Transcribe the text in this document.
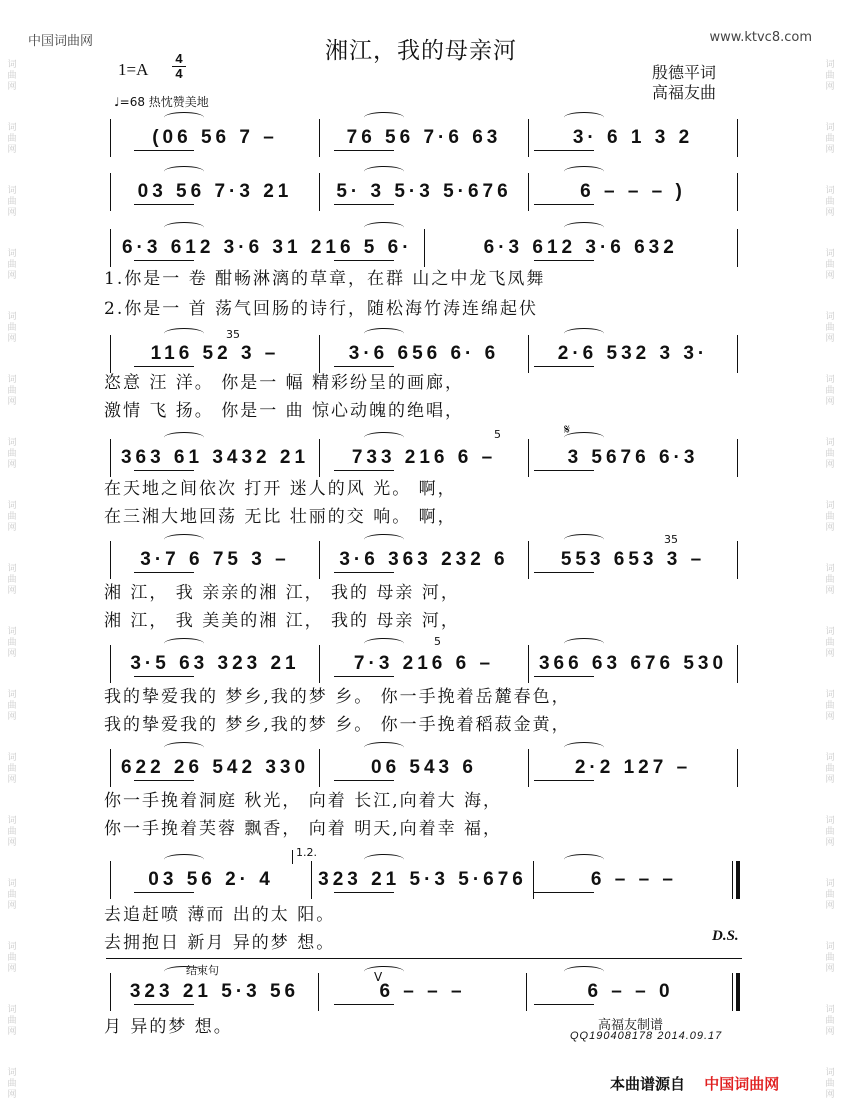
中国词曲网	www.ktvc8.com
湘江，我的母亲河
$1=A \frac{4}{4}$
♩=68 热忱赞美地
殷德平词
高福友曲
词
曲
网
词
曲
网
词
曲
网
词
曲
网
词
曲
网
词
曲
网
词
曲
网
词
曲
网
词
曲
网
词
曲
网
词
曲
网
词
曲
网
词
曲
网
词
曲
网
词
曲
网
词
曲
网
词
曲
网
词
曲
网
词
曲
网
词
曲
网
词
曲
网
词
曲
网
词
曲
网
词
曲
网
词
曲
网
词
曲
网
词
曲
网
词
曲
网
词
曲
网
词
曲
网
词
曲
网
词
曲
网
词
曲
网
词
曲
网
(06 56 7 –	76 56 7·6 63	3· 6 1 3 2
03 56 7·3 21	5· 3 5·3 5·676	6 – – – )
6·3 612 3·6 31 216 5 6·	6·3 612 3·6 632
1.你是一 卷 酣畅淋漓的草章，在群 山之中龙飞凤舞
2.你是一 首 荡气回肠的诗行，随松海竹涛连绵起伏
116 52 3 –	3·6 656 6· 6	2·6 532 3 3·
恣意 汪 洋。 你是一 幅 精彩纷呈的画廊，
激情 飞 扬。 你是一 曲 惊心动魄的绝唱，
363 61 3432 21	733 216 6 –	3 5676 6·3
在天地之间依次 打开 迷人的风 光。 啊，
在三湘大地回荡 无比 壮丽的交 响。 啊，
3·7 6 75 3 –	3·6 363 232 6	553 653 3 –
湘 江， 我 亲亲的湘 江， 我的 母亲 河，
湘 江， 我 美美的湘 江， 我的 母亲 河，
3·5 63 323 21	7·3 216 6 –	366 63 676 530
我的挚爱我的 梦乡,我的梦 乡。 你一手挽着岳麓春色，
我的挚爱我的 梦乡,我的梦 乡。 你一手挽着稻菽金黄，
622 26 542 330	06 543 6	2·2 127 –
你一手挽着洞庭 秋光， 向着 长江,向着大 海，
你一手挽着芙蓉 飘香， 向着 明天,向着幸 福，
03 56 2· 4	323 21 5·3 5·676	6 – – –
去追赶喷 薄而 出的太 阳。
去拥抱日 新月 异的梦 想。
323 21 5·3 56	6 – – –	6 – – 0
月 异的梦 想。
35
35
5
5
𝄋
1.2.
结束句	V
D.S.
高福友制谱
QQ190408178 2014.09.17
本曲谱源自 中国词曲网
